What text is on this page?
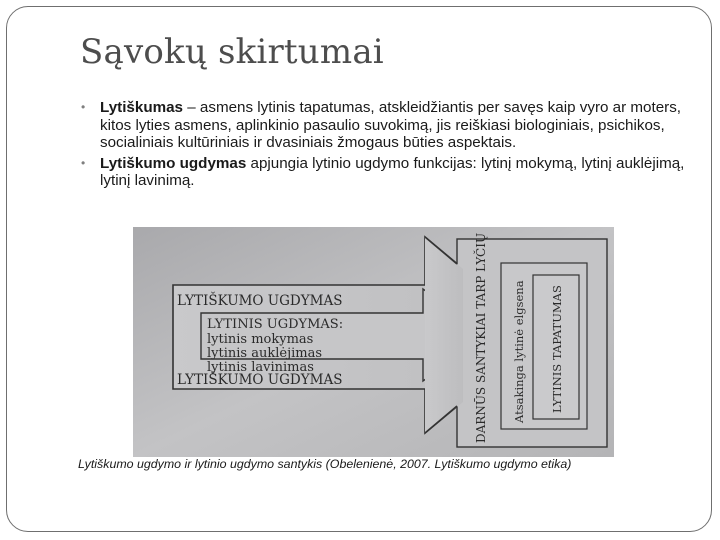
Sąvokų skirtumai
• Lytiškumas – asmens lytinis tapatumas, atskleidžiantis per savęs kaip vyro ar moters, kitos lyties asmens, aplinkinio pasaulio suvokimą, jis reiškiasi biologiniais, psichikos, socialiniais kultūriniais ir dvasiniais žmogaus būties aspektais.
• Lytiškumo ugdymas apjungia lytinio ugdymo funkcijas: lytinį mokymą, lytinį auklėjimą, lytinį lavinimą.
LYTIŠKUMO UGDYMAS
LYTIŠKUMO UGDYMAS
LYTINIS UGDYMAS:
lytinis mokymas
lytinis auklėjimas
lytinis lavinimas	DARNŪS SANTYKIAI TARP LYČIŲ Atsakinga lytinė elgsena LYTINIS TAPATUMAS
Lytiškumo ugdymo ir lytinio ugdymo santykis (Obelenienė, 2007. Lytiškumo ugdymo etika)
